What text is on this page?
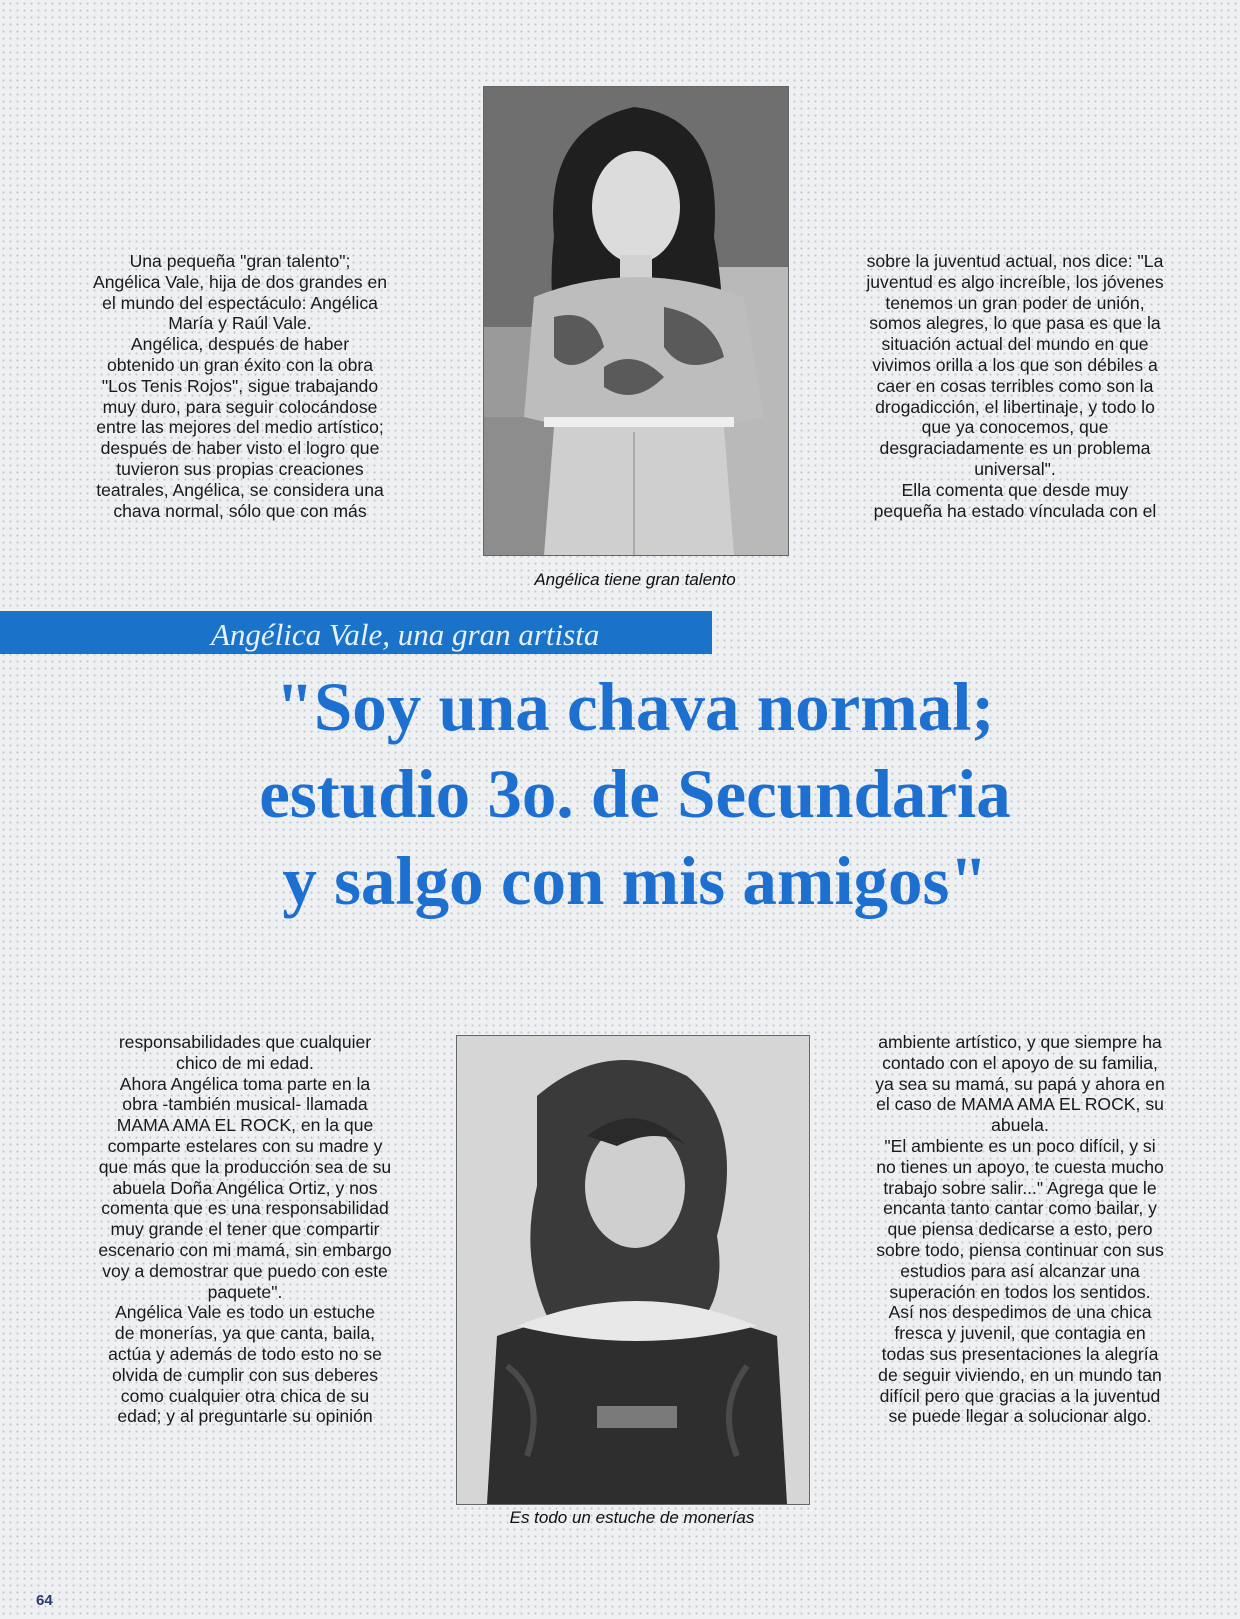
Una pequeña "gran talento";
Angélica Vale, hija de dos grandes en
el mundo del espectáculo: Angélica
María y Raúl Vale.
Angélica, después de haber
obtenido un gran éxito con la obra
"Los Tenis Rojos", sigue trabajando
muy duro, para seguir colocándose
entre las mejores del medio artístico;
después de haber visto el logro que
tuvieron sus propias creaciones
teatrales, Angélica, se considera una
chava normal, sólo que con más

Angélica tiene gran talento

sobre la juventud actual, nos dice: "La
juventud es algo increíble, los jóvenes
tenemos un gran poder de unión,
somos alegres, lo que pasa es que la
situación actual del mundo en que
vivimos orilla a los que son débiles a
caer en cosas terribles como son la
drogadicción, el libertinaje, y todo lo
que ya conocemos, que
desgraciadamente es un problema
universal".
Ella comenta que desde muy
pequeña ha estado vínculada con el

Angélica Vale, una gran artista

"Soy una chava normal;
estudio 3o. de Secundaria
y salgo con mis amigos"

responsabilidades que cualquier
chico de mi edad.
Ahora Angélica toma parte en la
obra -también musical- llamada
MAMA AMA EL ROCK, en la que
comparte estelares con su madre y
que más que la producción sea de su
abuela Doña Angélica Ortiz, y nos
comenta que es una responsabilidad
muy grande el tener que compartir
escenario con mi mamá, sin embargo
voy a demostrar que puedo con este
paquete".
Angélica Vale es todo un estuche
de monerías, ya que canta, baila,
actúa y además de todo esto no se
olvida de cumplir con sus deberes
como cualquier otra chica de su
edad; y al preguntarle su opinión

Es todo un estuche de monerías

ambiente artístico, y que siempre ha
contado con el apoyo de su familia,
ya sea su mamá, su papá y ahora en
el caso de MAMA AMA EL ROCK, su
abuela.
"El ambiente es un poco difícil, y si
no tienes un apoyo, te cuesta mucho
trabajo sobre salir..." Agrega que le
encanta tanto cantar como bailar, y
que piensa dedicarse a esto, pero
sobre todo, piensa continuar con sus
estudios para así alcanzar una
superación en todos los sentidos.
Así nos despedimos de una chica
fresca y juvenil, que contagia en
todas sus presentaciones la alegría
de seguir viviendo, en un mundo tan
difícil pero que gracias a la juventud
se puede llegar a solucionar algo.

64
